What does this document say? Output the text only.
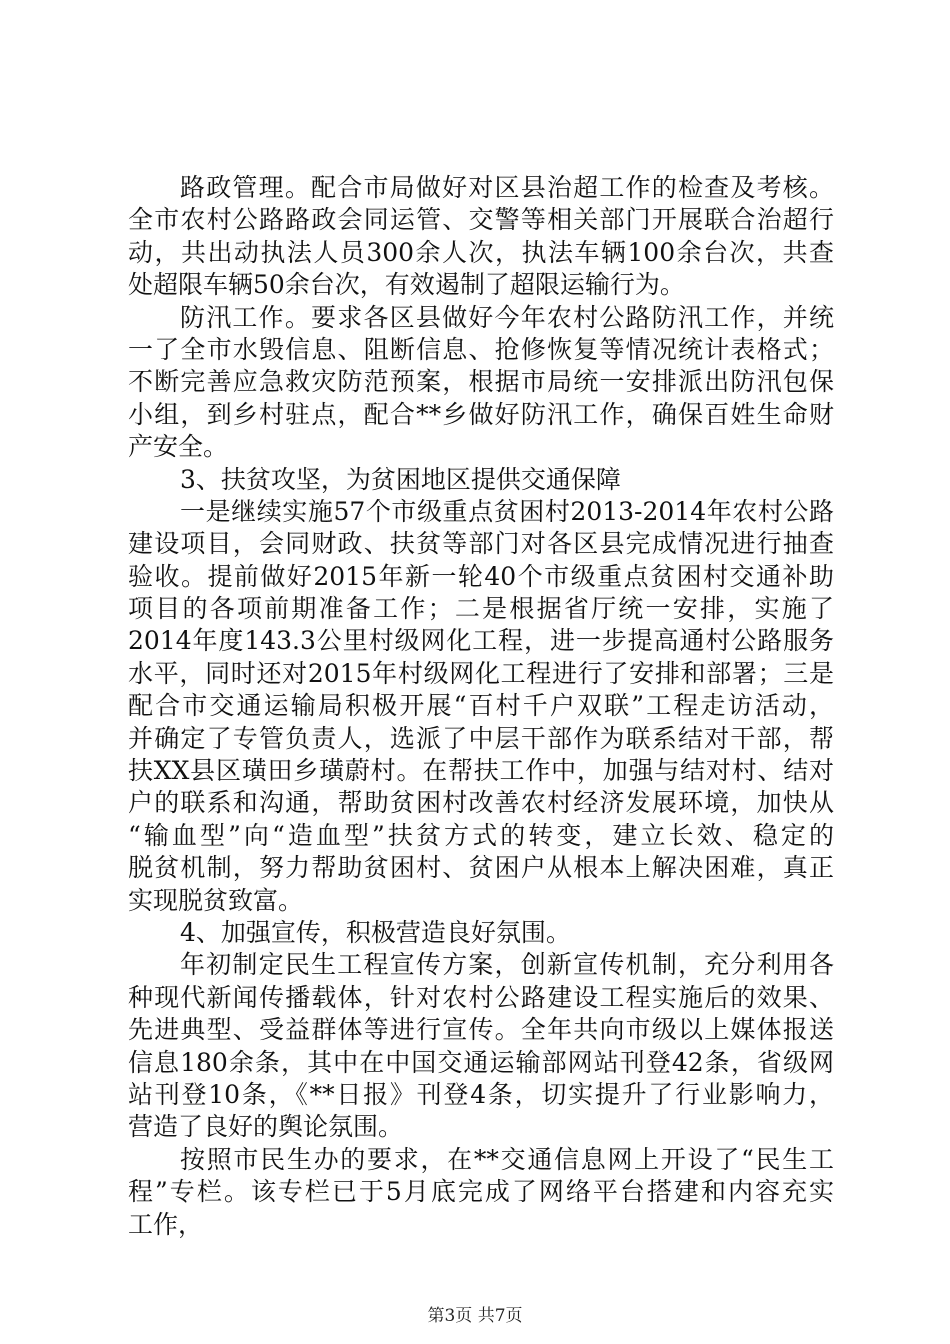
路政管理。配合市局做好对区县治超工作的检查及考核。
全市农村公路路政会同运管、交警等相关部门开展联合治超行
动，共出动执法人员300余人次，执法车辆100余台次，共查
处超限车辆50余台次，有效遏制了超限运输行为。
防汛工作。要求各区县做好今年农村公路防汛工作，并统
一了全市水毁信息、阻断信息、抢修恢复等情况统计表格式；
不断完善应急救灾防范预案，根据市局统一安排派出防汛包保
小组，到乡村驻点，配合**乡做好防汛工作，确保百姓生命财
产安全。
3、扶贫攻坚，为贫困地区提供交通保障
一是继续实施57个市级重点贫困村2013-2014年农村公路
建设项目，会同财政、扶贫等部门对各区县完成情况进行抽查
验收。提前做好2015年新一轮40个市级重点贫困村交通补助
项目的各项前期准备工作；二是根据省厅统一安排，实施了
2014年度143.3公里村级网化工程，进一步提高通村公路服务
水平，同时还对2015年村级网化工程进行了安排和部署；三是
配合市交通运输局积极开展“百村千户双联”工程走访活动，
并确定了专管负责人，选派了中层干部作为联系结对干部，帮
扶XX县区璜田乡璜蔚村。在帮扶工作中，加强与结对村、结对
户的联系和沟通，帮助贫困村改善农村经济发展环境，加快从
“输血型”向“造血型”扶贫方式的转变，建立长效、稳定的
脱贫机制，努力帮助贫困村、贫困户从根本上解决困难，真正
实现脱贫致富。
4、加强宣传，积极营造良好氛围。
年初制定民生工程宣传方案，创新宣传机制，充分利用各
种现代新闻传播载体，针对农村公路建设工程实施后的效果、
先进典型、受益群体等进行宣传。全年共向市级以上媒体报送
信息180余条，其中在中国交通运输部网站刊登42条，省级网
站刊登10条，《**日报》刊登4条，切实提升了行业影响力，
营造了良好的舆论氛围。
按照市民生办的要求，在**交通信息网上开设了“民生工
程”专栏。该专栏已于5月底完成了网络平台搭建和内容充实
工作，
第3页 共7页
